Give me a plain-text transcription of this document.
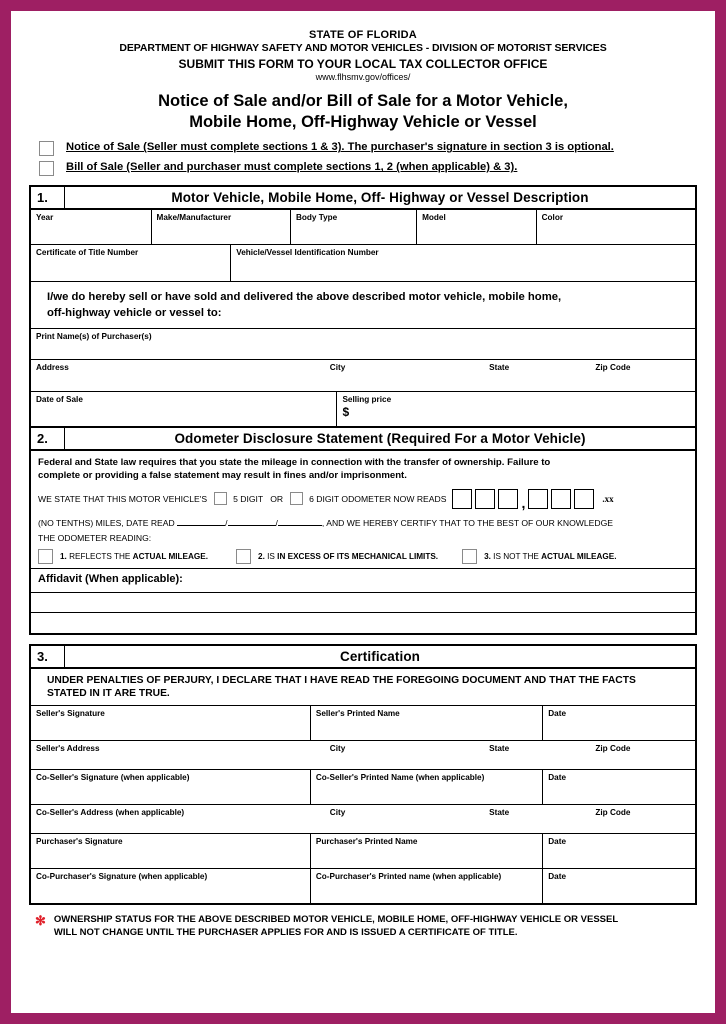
STATE OF FLORIDA
DEPARTMENT OF HIGHWAY SAFETY AND MOTOR VEHICLES - DIVISION OF MOTORIST SERVICES
SUBMIT THIS FORM TO YOUR LOCAL TAX COLLECTOR OFFICE
www.flhsmv.gov/offices/
Notice of Sale and/or Bill of Sale for a Motor Vehicle,
Mobile Home, Off-Highway Vehicle or Vessel
Notice of Sale (Seller must complete sections 1 & 3). The purchaser's signature in section 3 is optional.
Bill of Sale (Seller and purchaser must complete sections 1, 2 (when applicable) & 3).
1.	Motor Vehicle, Mobile Home, Off- Highway or Vessel Description
Year	Make/Manufacturer	Body Type	Model	Color
Certificate of Title Number	Vehicle/Vessel Identification Number
I/we do hereby sell or have sold and delivered the above described motor vehicle, mobile home,
off-highway vehicle or vessel to:
Print Name(s) of Purchaser(s)
Address	City	State	Zip Code
Date of Sale	Selling price
$
2.	Odometer Disclosure Statement (Required For a Motor Vehicle)
Federal and State law requires that you state the mileage in connection with the transfer of ownership. Failure to
complete or providing a false statement may result in fines and/or imprisonment.
WE STATE THAT THIS MOTOR VEHICLE'S	5 DIGIT OR	6 DIGIT ODOMETER NOW READS	,	.xx
(NO TENTHS) MILES, DATE READ	/	/	, AND WE HEREBY CERTIFY THAT TO THE BEST OF OUR KNOWLEDGE
THE ODOMETER READING:
1. REFLECTS THE ACTUAL MILEAGE.	2. IS IN EXCESS OF ITS MECHANICAL LIMITS.	3. IS NOT THE ACTUAL MILEAGE.
Affidavit (When applicable):
3.	Certification
UNDER PENALTIES OF PERJURY, I DECLARE THAT I HAVE READ THE FOREGOING DOCUMENT AND THAT THE FACTS
STATED IN IT ARE TRUE.
Seller's Signature	Seller's Printed Name	Date
Seller's Address	City	State	Zip Code
Co-Seller's Signature (when applicable)	Co-Seller's Printed Name (when applicable)	Date
Co-Seller's Address (when applicable)	City	State	Zip Code
Purchaser's Signature	Purchaser's Printed Name	Date
Co-Purchaser's Signature (when applicable)	Co-Purchaser's Printed name (when applicable)	Date
✻ OWNERSHIP STATUS FOR THE ABOVE DESCRIBED MOTOR VEHICLE, MOBILE HOME, OFF-HIGHWAY VEHICLE OR VESSEL
WILL NOT CHANGE UNTIL THE PURCHASER APPLIES FOR AND IS ISSUED A CERTIFICATE OF TITLE.
